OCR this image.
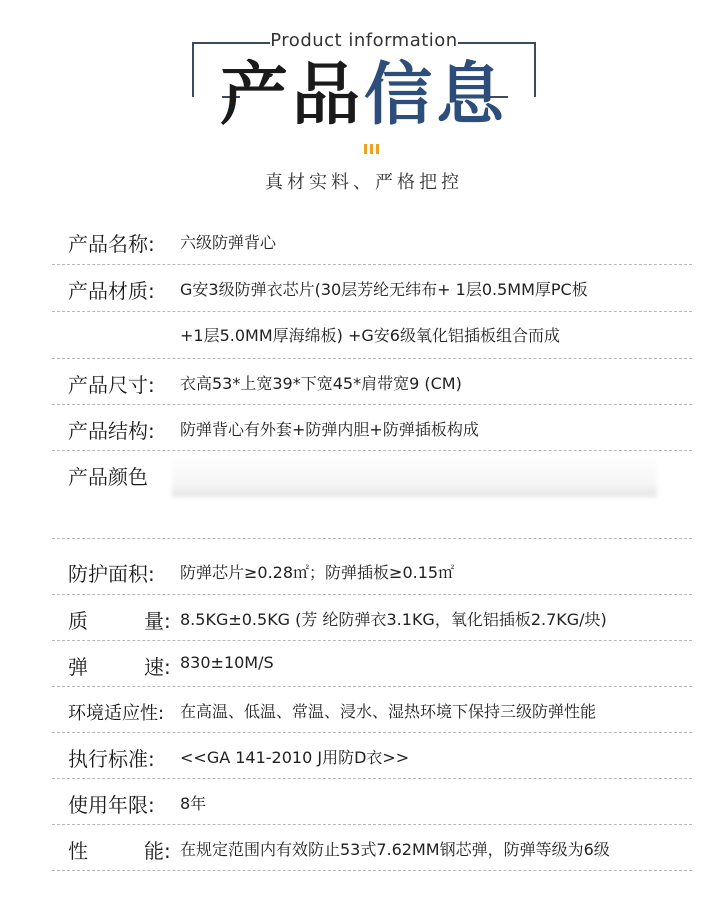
Product information
产品信息
真材实料、严格把控
产品名称: 六级防弹背心
产品材质: G安3级防弹衣芯片(30层芳纶无纬布+ 1层0.5MM厚PC板
+1层5.0MM厚海绵板) +G安6级氧化铝插板组合而成
产品尺寸: 衣高53*上宽39*下宽45*肩带宽9 (CM)
产品结构: 防弹背心有外套+防弹内胆+防弹插板构成
产品颜色
防护面积: 防弹芯片≥0.28㎡；防弹插板≥0.15㎡
质	量: 8.5KG±0.5KG (芳 纶防弹衣3.1KG，氧化铝插板2.7KG/块)
弹	速: 830±10M/S
环境适应性: 在高温、低温、常温、浸水、湿热环境下保持三级防弹性能
执行标准: <<GA 141-2010 J用防D衣>>
使用年限: 8年
性	能: 在规定范围内有效防止53式7.62MM钢芯弹，防弹等级为6级
